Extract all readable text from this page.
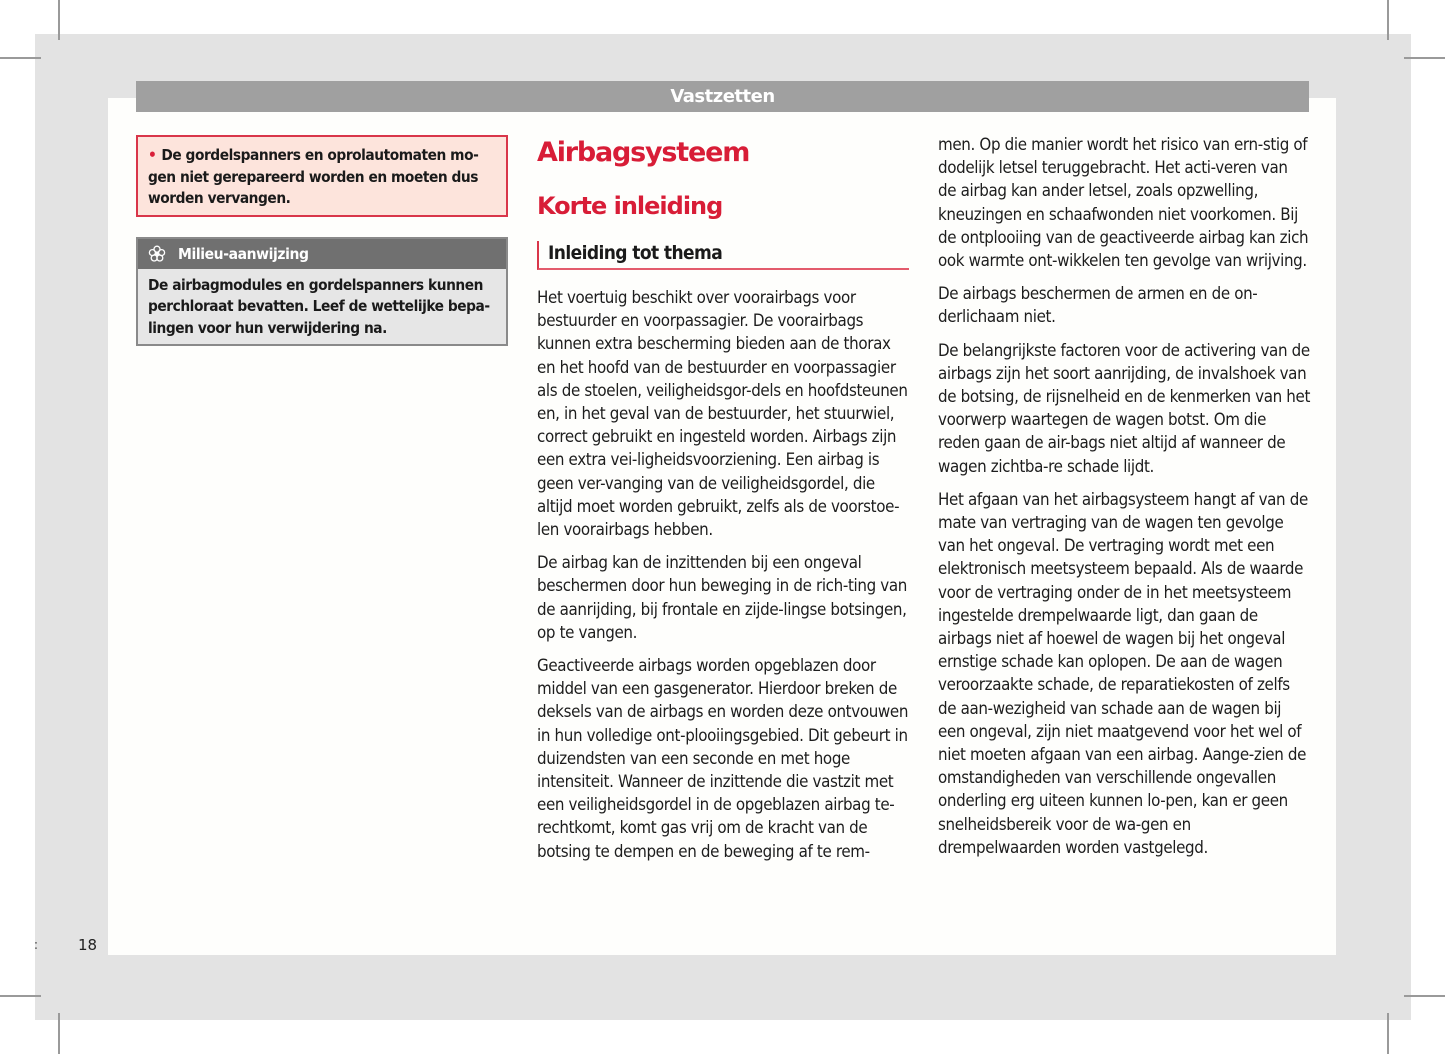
Vastzetten
• De gordelspanners en oprolautomaten mo-gen niet gerepareerd worden en moeten dus worden vervangen.
Milieu-aanwijzing
De airbagmodules en gordelspanners kunnen perchloraat bevatten. Leef de wettelijke bepa-lingen voor hun verwijdering na.
Airbagsysteem
Korte inleiding
Inleiding tot thema

Het voertuig beschikt over voorairbags voor bestuurder en voorpassagier. De voorairbags kunnen extra bescherming bieden aan de thorax en het hoofd van de bestuurder en voorpassagier als de stoelen, veiligheidsgor-dels en hoofdsteunen en, in het geval van de bestuurder, het stuurwiel, correct gebruikt en ingesteld worden. Airbags zijn een extra vei-ligheidsvoorziening. Een airbag is geen ver-vanging van de veiligheidsgordel, die altijd moet worden gebruikt, zelfs als de voorstoe-len voorairbags hebben.

De airbag kan de inzittenden bij een ongeval beschermen door hun beweging in de rich-ting van de aanrijding, bij frontale en zijde-lingse botsingen, op te vangen.

Geactiveerde airbags worden opgeblazen door middel van een gasgenerator. Hierdoor breken de deksels van de airbags en worden deze ontvouwen in hun volledige ont-plooiingsgebied. Dit gebeurt in duizendsten van een seconde en met hoge intensiteit. Wanneer de inzittende die vastzit met een veiligheidsgordel in de opgeblazen airbag te-rechtkomt, komt gas vrij om de kracht van de botsing te dempen en de beweging af te rem-

men. Op die manier wordt het risico van ern-stig of dodelijk letsel teruggebracht. Het acti-veren van de airbag kan ander letsel, zoals opzwelling, kneuzingen en schaafwonden niet voorkomen. Bij de ontplooiing van de geactiveerde airbag kan zich ook warmte ont-wikkelen ten gevolge van wrijving.

De airbags beschermen de armen en de on-derlichaam niet.

De belangrijkste factoren voor de activering van de airbags zijn het soort aanrijding, de invalshoek van de botsing, de rijsnelheid en de kenmerken van het voorwerp waartegen de wagen botst. Om die reden gaan de air-bags niet altijd af wanneer de wagen zichtba-re schade lijdt.

Het afgaan van het airbagsysteem hangt af van de mate van vertraging van de wagen ten gevolge van het ongeval. De vertraging wordt met een elektronisch meetsysteem bepaald. Als de waarde voor de vertraging onder de in het meetsysteem ingestelde drempelwaarde ligt, dan gaan de airbags niet af hoewel de wagen bij het ongeval ernstige schade kan oplopen. De aan de wagen veroorzaakte schade, de reparatiekosten of zelfs de aan-wezigheid van schade aan de wagen bij een ongeval, zijn niet maatgevend voor het wel of niet moeten afgaan van een airbag. Aange-zien de omstandigheden van verschillende ongevallen onderling erg uiteen kunnen lo-pen, kan er geen snelheidsbereik voor de wa-gen en drempelwaarden worden vastgelegd.

:	18
